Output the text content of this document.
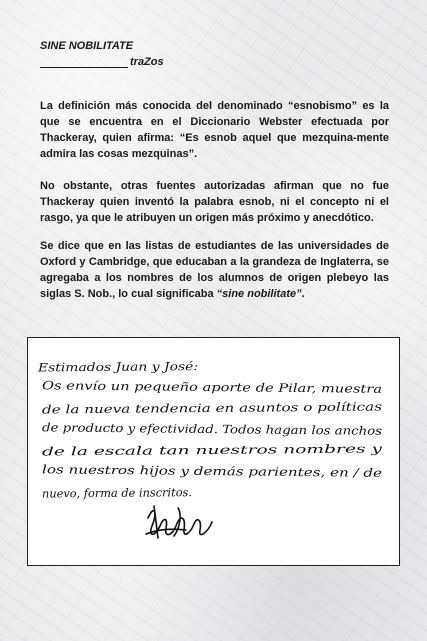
SINE NOBILITATE
traZos

La definición más conocida del denominado “esnobismo” es la que se encuentra en el Diccionario Webster efectuada por Thackeray, quien afirma: “Es esnob aquel que mezquina-mente admira las cosas mezquinas”.

No obstante, otras fuentes autorizadas afirman que no fue Thackeray quien inventó la palabra esnob, ni el concepto ni el rasgo, ya que le atribuyen un origen más próximo y anecdótico.

Se dice que en las listas de estudiantes de las universidades de Oxford y Cambridge, que educaban a la grandeza de Inglaterra, se agregaba a los nombres de los alumnos de origen plebeyo las siglas S. Nob., lo cual significaba “sine nobilitate”.

Estimados Juan y José:
Os envío un pequeño aporte de Pilar, muestra
de la nueva tendencia en asuntos o políticas
de producto y efectividad. Todos hagan los anchos
de la escala tan nuestros nombres y
los nuestros hijos y demás parientes, en / de
nuevo, forma de inscritos.
